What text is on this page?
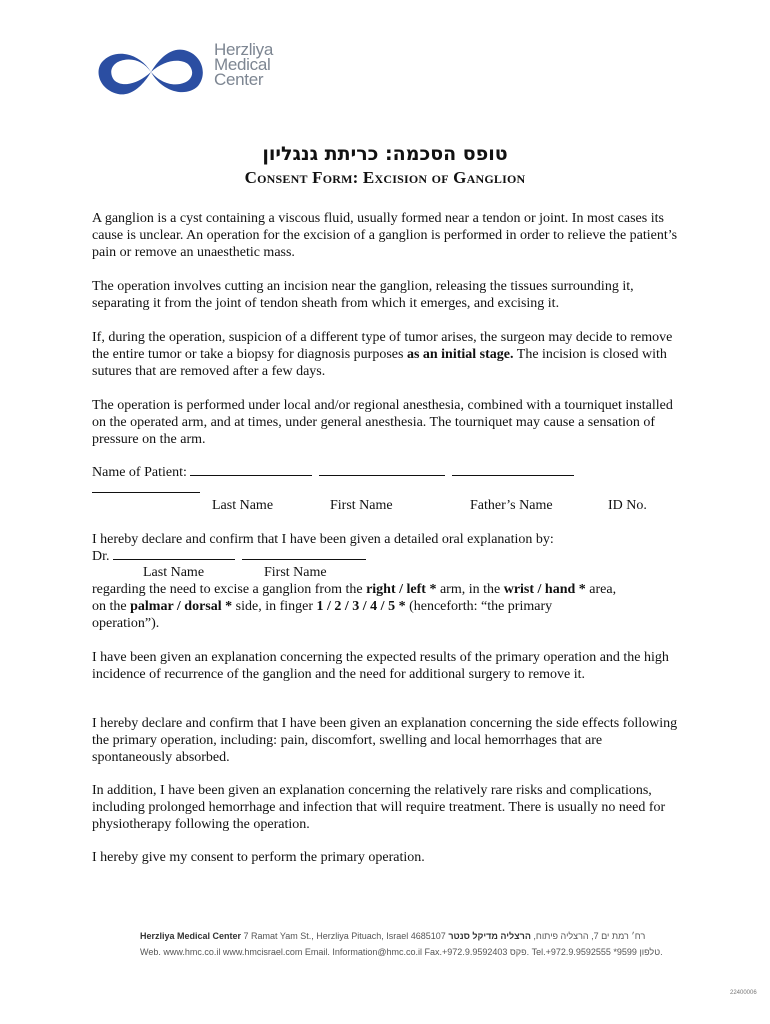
Herzliya
Medical
Center
טופס הסכמה: כריתת גנגליון
Consent Form: Excision of Ganglion

A ganglion is a cyst containing a viscous fluid, usually formed near a tendon or joint. In most cases its cause is unclear. An operation for the excision of a ganglion is performed in order to relieve the patient’s pain or remove an unaesthetic mass.

The operation involves cutting an incision near the ganglion, releasing the tissues surrounding it, separating it from the joint of tendon sheath from which it emerges, and excising it.

If, during the operation, suspicion of a different type of tumor arises, the surgeon may decide to remove the entire tumor or take a biopsy for diagnosis purposes as an initial stage. The incision is closed with sutures that are removed after a few days.

The operation is performed under local and/or regional anesthesia, combined with a tourniquet installed on the operated arm, and at times, under general anesthesia. The tourniquet may cause a sensation of pressure on the arm.

Name of Patient:
Last Name	First Name	Father’s Name	ID No.
I hereby declare and confirm that I have been given a detailed oral explanation by:
Dr.
Last Name	First Name
regarding the need to excise a ganglion from the right / left * arm, in the wrist / hand * area,
on the palmar / dorsal * side, in finger 1 / 2 / 3 / 4 / 5 * (henceforth: “the primary
operation”).

I have been given an explanation concerning the expected results of the primary operation and the high incidence of recurrence of the ganglion and the need for additional surgery to remove it.

I hereby declare and confirm that I have been given an explanation concerning the side effects following the primary operation, including: pain, discomfort, swelling and local hemorrhages that are spontaneously absorbed.

In addition, I have been given an explanation concerning the relatively rare risks and complications, including prolonged hemorrhage and infection that will require treatment. There is usually no need for physiotherapy following the operation.

I hereby give my consent to perform the primary operation.

Herzliya Medical Center 7 Ramat Yam St., Herzliya Pituach, Israel 4685107 רח׳ רמת ים 7, הרצליה פיתוח, הרצליה מדיקל סנטר
Web. www.hmc.co.il www.hmcisrael.com Email. Information@hmc.co.il Fax.+972.9.9592403 פקס. Tel.+972.9.9592555 *9599 טלפון.
22400006
